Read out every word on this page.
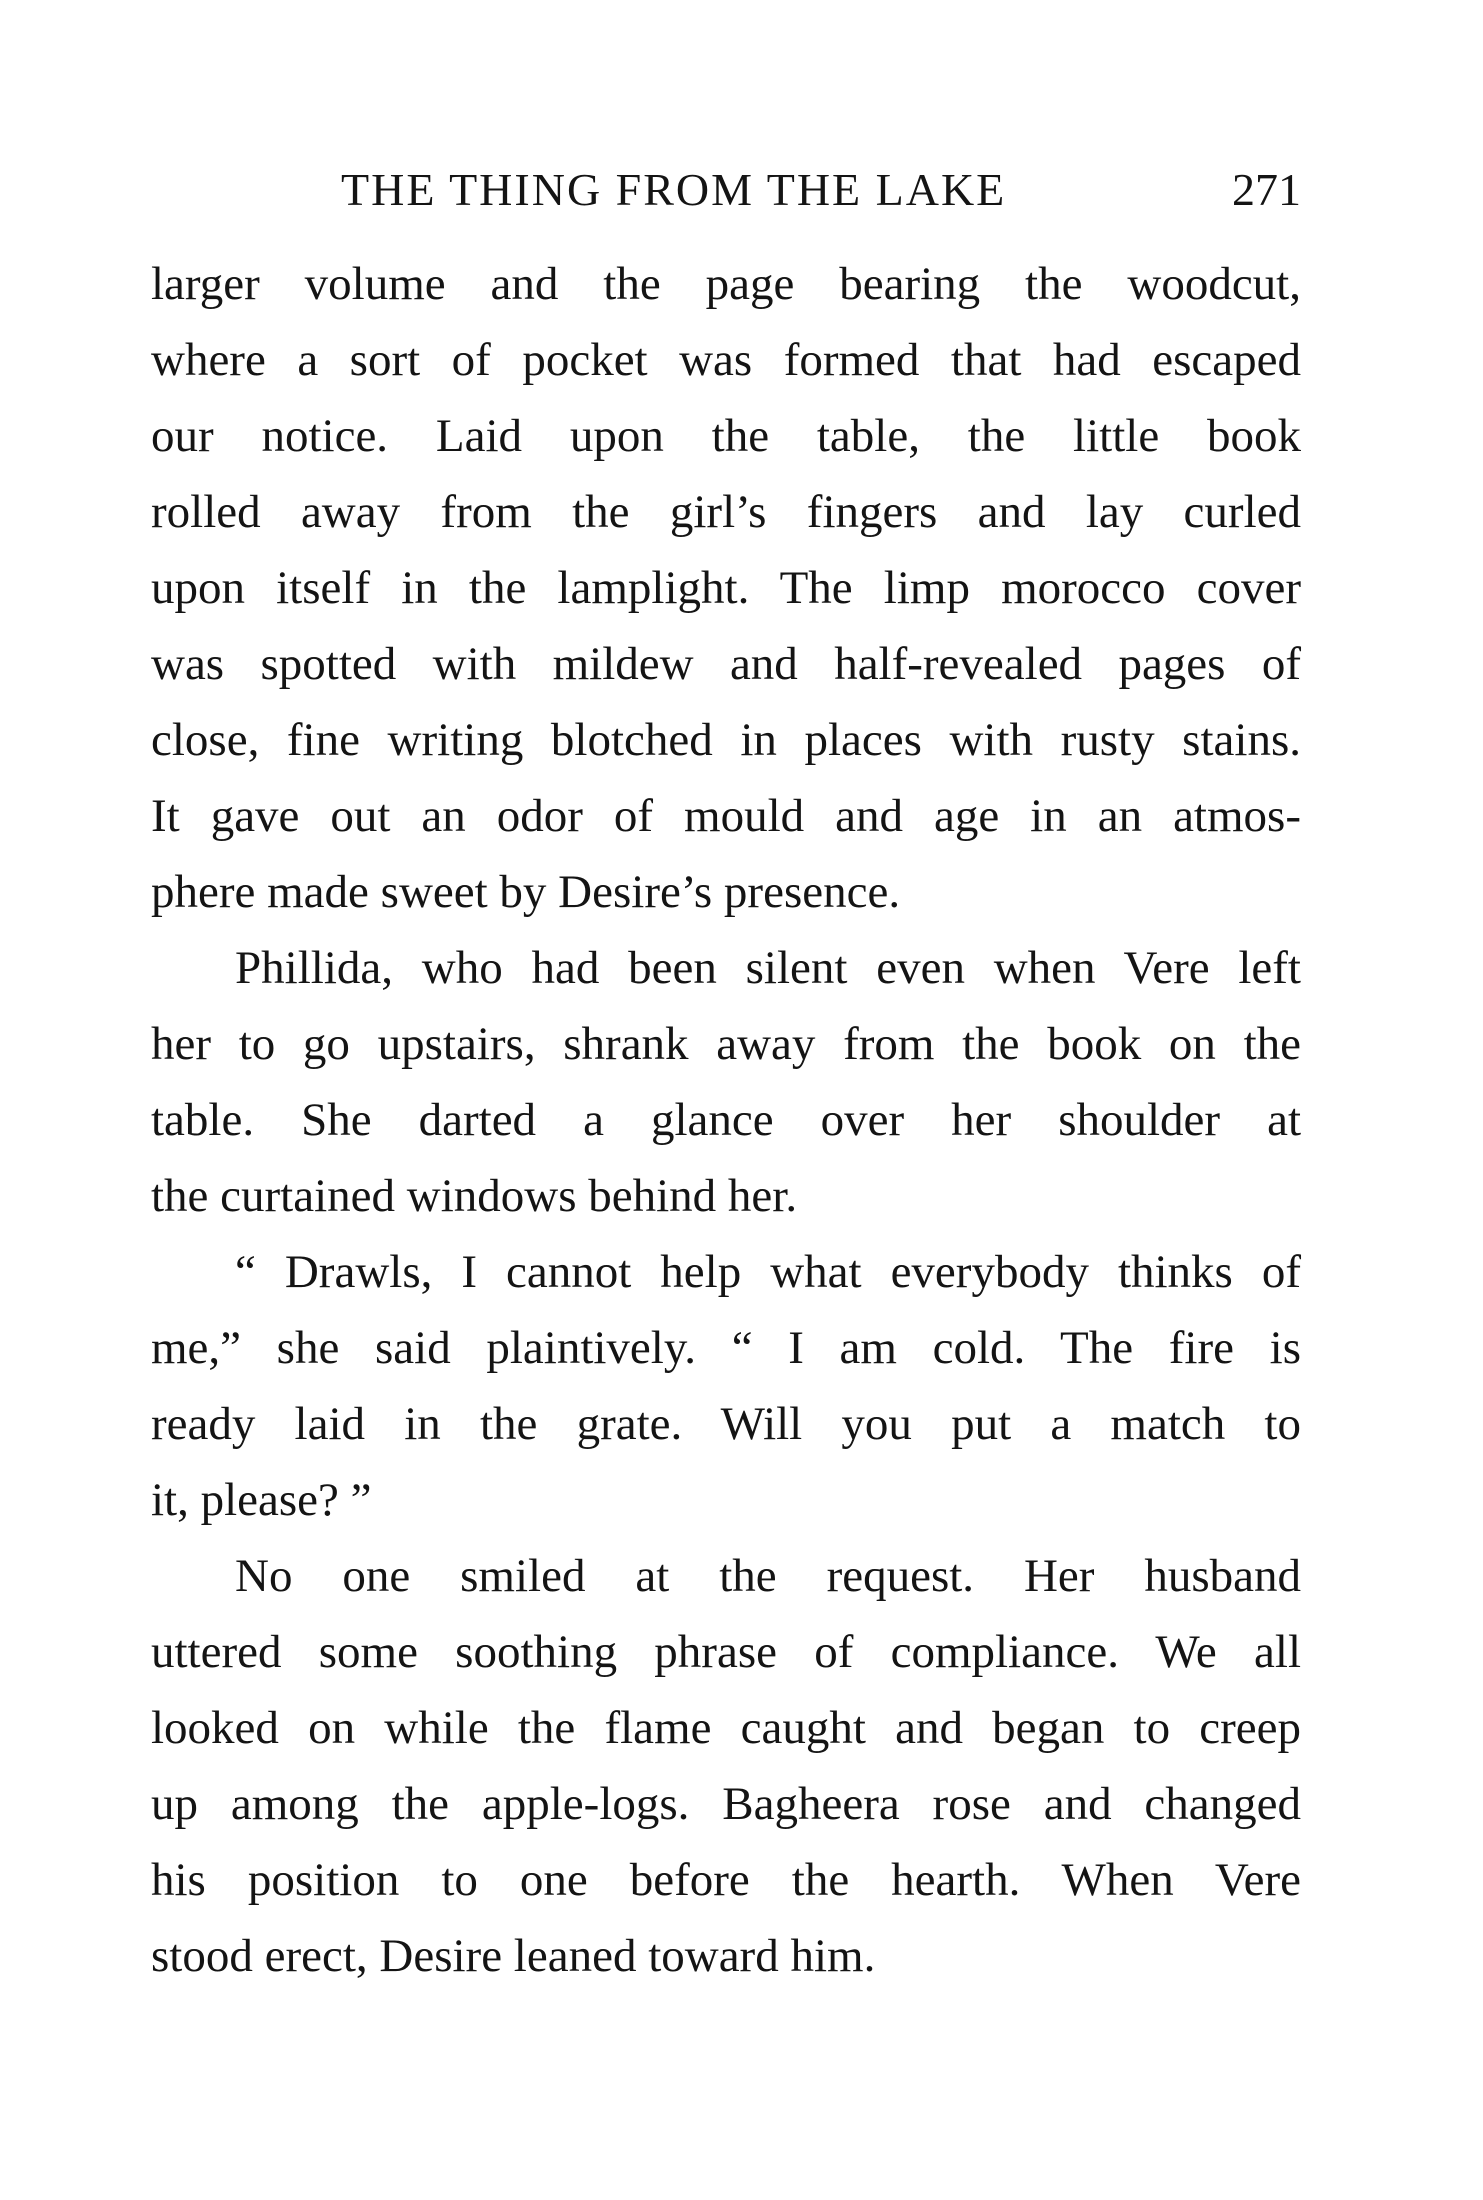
THE THING FROM THE LAKE	271
larger volume and the page bearing the woodcut,
where a sort of pocket was formed that had escaped
our notice. Laid upon the table, the little book
rolled away from the girl’s fingers and lay curled
upon itself in the lamplight. The limp morocco cover
was spotted with mildew and half-revealed pages of
close, fine writing blotched in places with rusty stains.
It gave out an odor of mould and age in an atmos-
phere made sweet by Desire’s presence.
Phillida, who had been silent even when Vere left
her to go upstairs, shrank away from the book on the
table. She darted a glance over her shoulder at
the curtained windows behind her.
“ Drawls, I cannot help what everybody thinks of
me,” she said plaintively. “ I am cold. The fire is
ready laid in the grate. Will you put a match to
it, please? ”
No one smiled at the request. Her husband
uttered some soothing phrase of compliance. We all
looked on while the flame caught and began to creep
up among the apple-logs. Bagheera rose and changed
his position to one before the hearth. When Vere
stood erect, Desire leaned toward him.
